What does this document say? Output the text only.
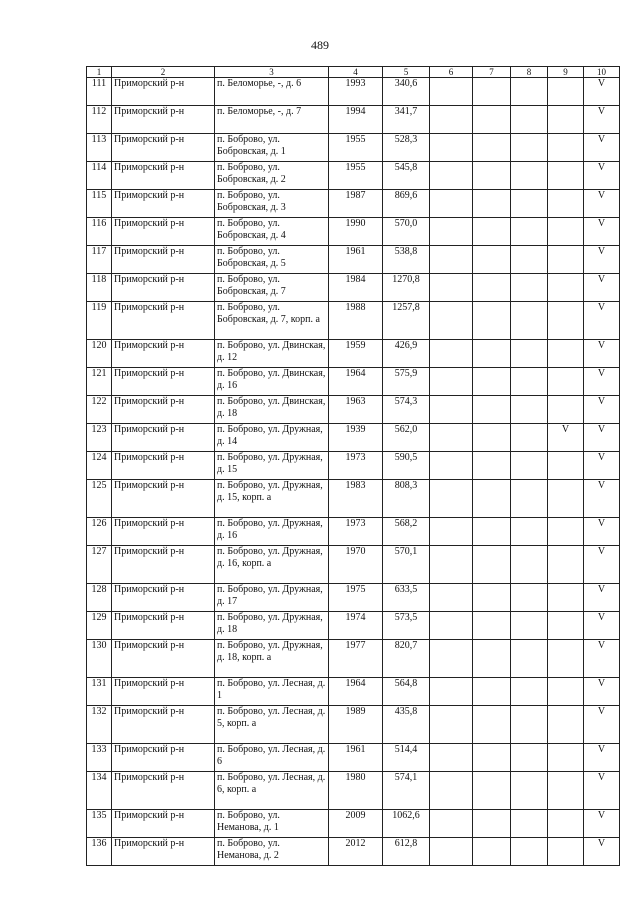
489
1	2	3	4	5	6	7	8	9	10
111	Приморский р-н	п. Беломорье, -, д. 6	1993	340,6					V
112	Приморский р-н	п. Беломорье, -, д. 7	1994	341,7					V
113	Приморский р-н	п. Боброво, ул. Бобровская, д. 1	1955	528,3					V
114	Приморский р-н	п. Боброво, ул. Бобровская, д. 2	1955	545,8					V
115	Приморский р-н	п. Боброво, ул. Бобровская, д. 3	1987	869,6					V
116	Приморский р-н	п. Боброво, ул. Бобровская, д. 4	1990	570,0					V
117	Приморский р-н	п. Боброво, ул. Бобровская, д. 5	1961	538,8					V
118	Приморский р-н	п. Боброво, ул. Бобровская, д. 7	1984	1270,8					V
119	Приморский р-н	п. Боброво, ул. Бобровская, д. 7, корп. а	1988	1257,8					V
120	Приморский р-н	п. Боброво, ул. Двинская, д. 12	1959	426,9					V
121	Приморский р-н	п. Боброво, ул. Двинская, д. 16	1964	575,9					V
122	Приморский р-н	п. Боброво, ул. Двинская, д. 18	1963	574,3					V
123	Приморский р-н	п. Боброво, ул. Дружная, д. 14	1939	562,0				V	V
124	Приморский р-н	п. Боброво, ул. Дружная, д. 15	1973	590,5					V
125	Приморский р-н	п. Боброво, ул. Дружная, д. 15, корп. а	1983	808,3					V
126	Приморский р-н	п. Боброво, ул. Дружная, д. 16	1973	568,2					V
127	Приморский р-н	п. Боброво, ул. Дружная, д. 16, корп. а	1970	570,1					V
128	Приморский р-н	п. Боброво, ул. Дружная, д. 17	1975	633,5					V
129	Приморский р-н	п. Боброво, ул. Дружная, д. 18	1974	573,5					V
130	Приморский р-н	п. Боброво, ул. Дружная, д. 18, корп. а	1977	820,7					V
131	Приморский р-н	п. Боброво, ул. Лесная, д. 1	1964	564,8					V
132	Приморский р-н	п. Боброво, ул. Лесная, д. 5, корп. а	1989	435,8					V
133	Приморский р-н	п. Боброво, ул. Лесная, д. 6	1961	514,4					V
134	Приморский р-н	п. Боброво, ул. Лесная, д. 6, корп. а	1980	574,1					V
135	Приморский р-н	п. Боброво, ул. Неманова, д. 1	2009	1062,6					V
136	Приморский р-н	п. Боброво, ул. Неманова, д. 2	2012	612,8					V
